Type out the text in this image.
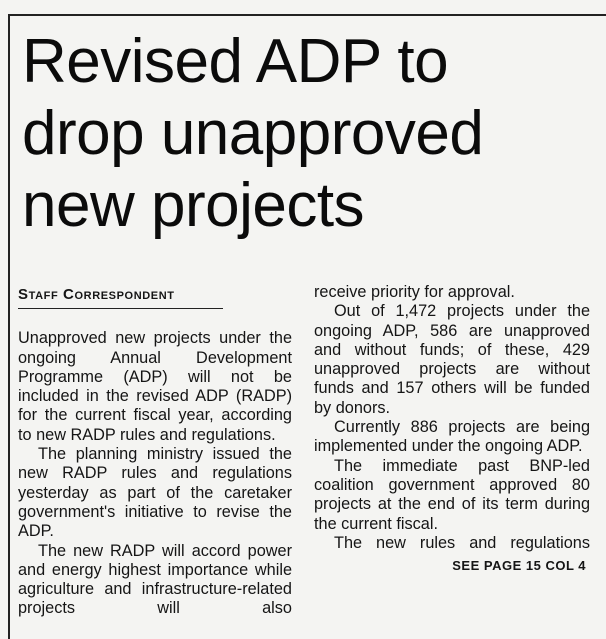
Revised ADP to
drop unapproved
new projects
Staff Correspondent

Unapproved new projects under the ongoing Annual Development Programme (ADP) will not be included in the revised ADP (RADP) for the current fiscal year, according to new RADP rules and regulations.

The planning ministry issued the new RADP rules and regulations yesterday as part of the caretaker government's initiative to revise the ADP.

The new RADP will accord power and energy highest importance while agriculture and infrastructure-related projects will also

receive priority for approval.

Out of 1,472 projects under the ongoing ADP, 586 are unapproved and without funds; of these, 429 unapproved projects are without funds and 157 others will be funded by donors.

Currently 886 projects are being implemented under the ongoing ADP.

The immediate past BNP-led coalition government approved 80 projects at the end of its term during the current fiscal.

The new rules and regulations

SEE PAGE 15 COL 4
